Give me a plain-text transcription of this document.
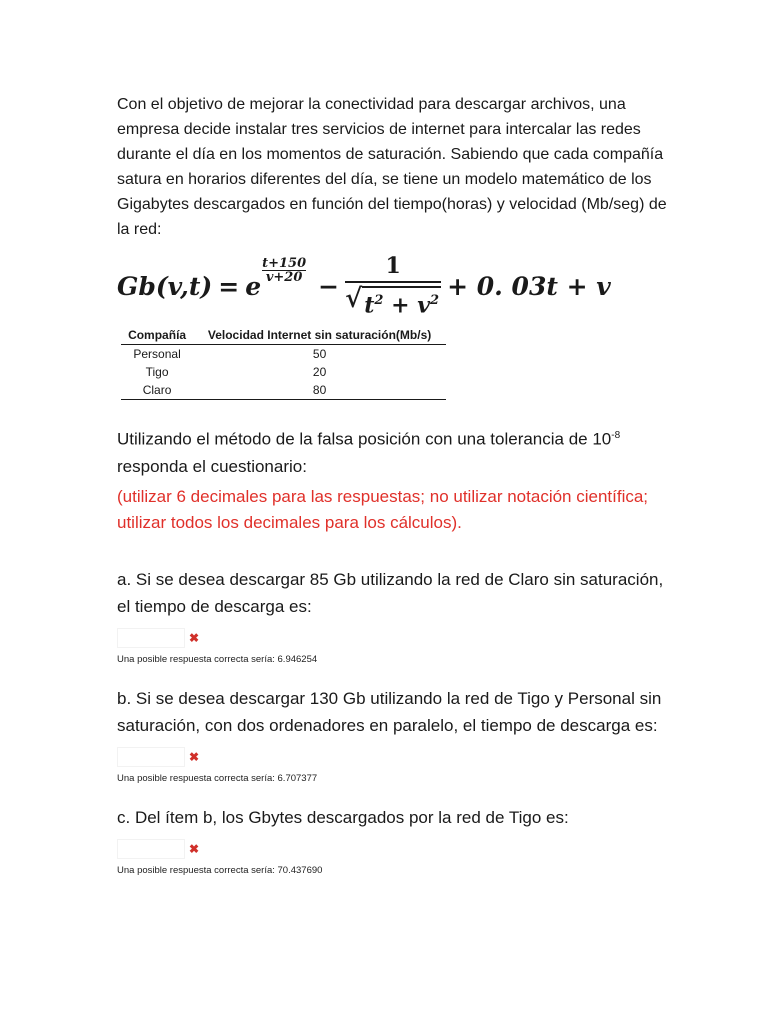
Con el objetivo de mejorar la conectividad para descargar archivos, una empresa decide instalar tres servicios de internet para intercalar las redes durante el día en los momentos de saturación. Sabiendo que cada compañía satura en horarios diferentes del día, se tiene un modelo matemático de los Gigabytes descargados en función del tiempo(horas) y velocidad (Mb/seg) de la red:

Gb(v,t) = e
t+150
$v+20 - \frac{1}{√ t^2 + v^2} + 0$. 03t + v
Compañía	Velocidad Internet sin saturación(Mb/s)
Personal	50
Tigo	20
Claro	80
Utilizando el método de la falsa posición con una tolerancia de $10^{-8}$ responda el cuestionario:
(utilizar 6 decimales para las respuestas; no utilizar notación científica; utilizar todos los decimales para los cálculos).
a. Si se desea descargar 85 Gb utilizando la red de Claro sin saturación, el tiempo de descarga es:
✖
Una posible respuesta correcta sería: 6.946254
b. Si se desea descargar 130 Gb utilizando la red de Tigo y Personal sin saturación, con dos ordenadores en paralelo, el tiempo de descarga es:
✖
Una posible respuesta correcta sería: 6.707377
c. Del ítem b, los Gbytes descargados por la red de Tigo es:
✖
Una posible respuesta correcta sería: 70.437690
